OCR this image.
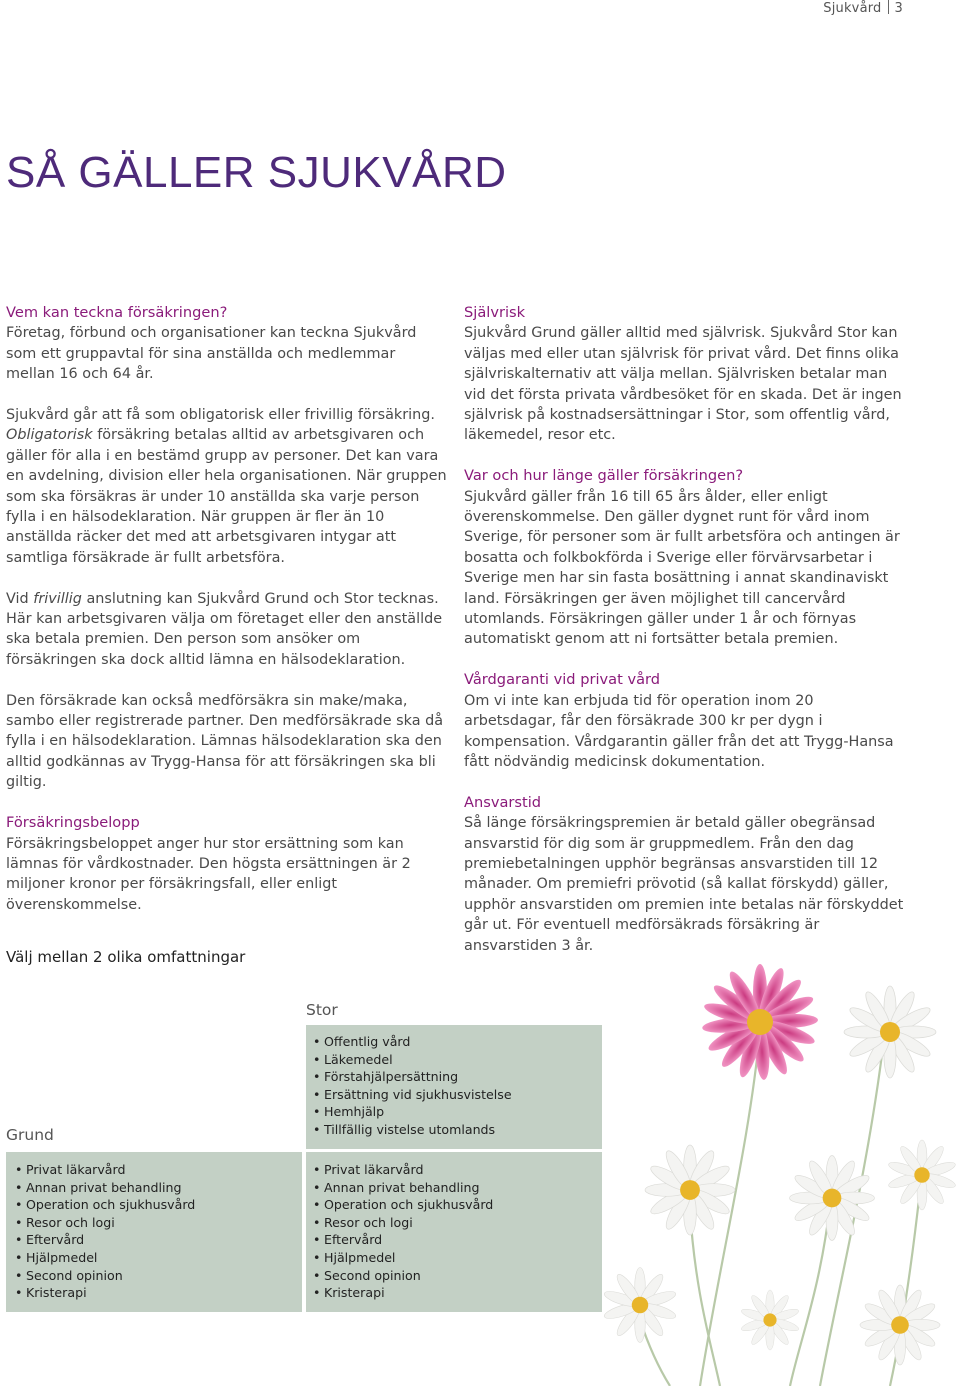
Sjukvård 3
SÅ GÄLLER SJUKVÅRD

Vem kan teckna försäkringen?
Företag, förbund och organisationer kan teckna Sjukvård som ett gruppavtal för sina anställda och medlemmar mellan 16 och 64 år.

Sjukvård går att få som obligatorisk eller frivillig försäkring. Obligatorisk försäkring betalas alltid av arbetsgivaren och gäller för alla i en bestämd grupp av personer. Det kan vara en avdelning, division eller hela organisationen. När gruppen som ska försäkras är under 10 anställda ska varje person fylla i en hälsodeklaration. När gruppen är fler än 10 anställda räcker det med att arbetsgivaren intygar att samtliga försäkrade är fullt arbetsföra.

Vid frivillig anslutning kan Sjukvård Grund och Stor tecknas. Här kan arbetsgivaren välja om företaget eller den anställde ska betala premien. Den person som ansöker om försäkringen ska dock alltid lämna en hälsodeklaration.

Den försäkrade kan också medförsäkra sin make/maka, sambo eller registrerade partner. Den medförsäkrade ska då fylla i en hälsodeklaration. Lämnas hälsodeklaration ska den alltid godkännas av Trygg-Hansa för att försäkringen ska bli giltig.

Försäkringsbelopp
Försäkringsbeloppet anger hur stor ersättning som kan lämnas för vårdkostnader. Den högsta ersättningen är 2 miljoner kronor per försäkringsfall, eller enligt överenskommelse.

Självrisk
Sjukvård Grund gäller alltid med självrisk. Sjukvård Stor kan väljas med eller utan självrisk för privat vård. Det finns olika självriskalternativ att välja mellan. Självrisken betalar man vid det första privata vårdbesöket för en skada. Det är ingen självrisk på kostnadsersättningar i Stor, som offentlig vård, läkemedel, resor etc.

Var och hur länge gäller försäkringen?
Sjukvård gäller från 16 till 65 års ålder, eller enligt överenskommelse. Den gäller dygnet runt för vård inom Sverige, för personer som är fullt arbetsföra och antingen är bosatta och folkbokförda i Sverige eller förvärvsarbetar i Sverige men har sin fasta bosättning i annat skandinaviskt land. Försäkringen ger även möjlighet till cancervård utomlands. Försäkringen gäller under 1 år och förnyas automatiskt genom att ni fortsätter betala premien.

Vårdgaranti vid privat vård
Om vi inte kan erbjuda tid för operation inom 20 arbetsdagar, får den försäkrade 300 kr per dygn i kompensation. Vårdgarantin gäller från det att Trygg-Hansa fått nödvändig medicinsk dokumentation.

Ansvarstid
Så länge försäkringspremien är betald gäller obegränsad ansvarstid för dig som är gruppmedlem. Från den dag premiebetalningen upphör begränsas ansvarstiden till 12 månader. Om premiefri prövotid (så kallat förskydd) gäller, upphör ansvarstiden om premien inte betalas när förskyddet går ut. För eventuell medförsäkrads försäkring är ansvarstiden 3 år.

Välj mellan 2 olika omfattningar
Stor
Grund
• Offentlig vård
• Läkemedel
• Förstahjälpersättning
• Ersättning vid sjukhusvistelse
• Hemhjälp
• Tillfällig vistelse utomlands
• Privat läkarvård
• Annan privat behandling
• Operation och sjukhusvård
• Resor och logi
• Eftervård
• Hjälpmedel
• Second opinion
• Kristerapi
• Privat läkarvård
• Annan privat behandling
• Operation och sjukhusvård
• Resor och logi
• Eftervård
• Hjälpmedel
• Second opinion
• Kristerapi
